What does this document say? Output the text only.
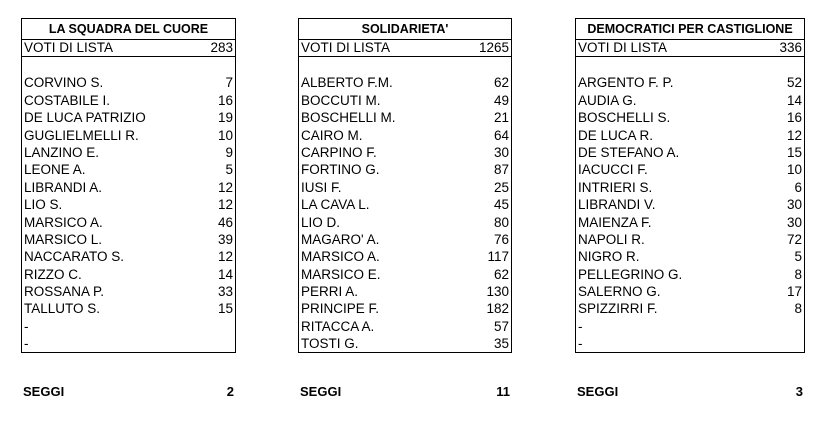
LA SQUADRA DEL CUORE
VOTI DI LISTA	283
CORVINO S.	7
COSTABILE I.	16
DE LUCA PATRIZIO	19
GUGLIELMELLI R.	10
LANZINO E.	9
LEONE A.	5
LIBRANDI A.	12
LIO S.	12
MARSICO A.	46
MARSICO L.	39
NACCARATO S.	12
RIZZO C.	14
ROSSANA P.	33
TALLUTO S.	15
-
-
SOLIDARIETA'
VOTI DI LISTA	1265
ALBERTO F.M.	62
BOCCUTI M.	49
BOSCHELLI M.	21
CAIRO M.	64
CARPINO F.	30
FORTINO G.	87
IUSI F.	25
LA CAVA L.	45
LIO D.	80
MAGARO' A.	76
MARSICO A.	117
MARSICO E.	62
PERRI A.	130
PRINCIPE F.	182
RITACCA A.	57
TOSTI G.	35
DEMOCRATICI PER CASTIGLIONE
VOTI DI LISTA	336
ARGENTO F. P.	52
AUDIA G.	14
BOSCHELLI S.	16
DE LUCA R.	12
DE STEFANO A.	15
IACUCCI F.	10
INTRIERI S.	6
LIBRANDI V.	30
MAIENZA F.	30
NAPOLI R.	72
NIGRO R.	5
PELLEGRINO G.	8
SALERNO G.	17
SPIZZIRRI F.	8
-
-
SEGGI	2	SEGGI	11	SEGGI	3
